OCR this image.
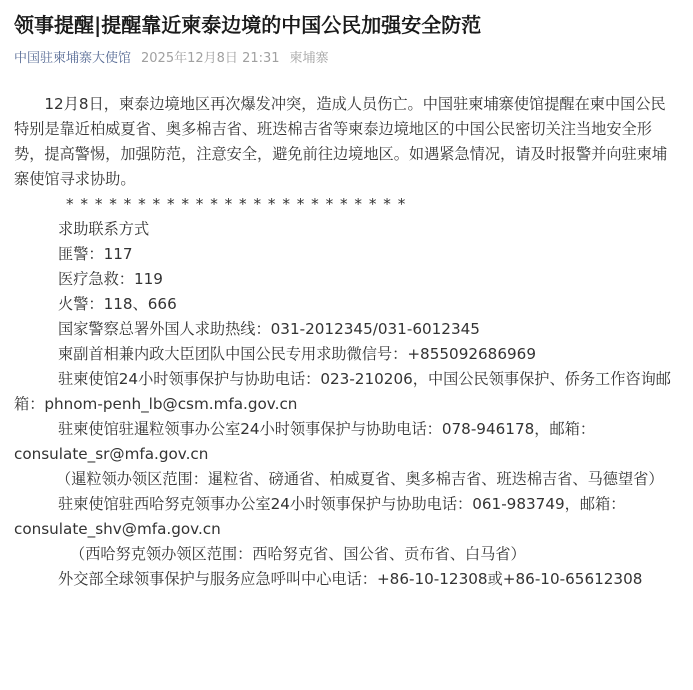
领事提醒|提醒靠近柬泰边境的中国公民加强安全防范
中国驻柬埔寨大使馆 2025年12月8日 21:31 柬埔寨

12月8日，柬泰边境地区再次爆发冲突，造成人员伤亡。中国驻柬埔寨使馆提醒在柬中国公民特别是靠近柏威夏省、奥多棉吉省、班迭棉吉省等柬泰边境地区的中国公民密切关注当地安全形势，提高警惕，加强防范，注意安全，避免前往边境地区。如遇紧急情况，请及时报警并向驻柬埔寨使馆寻求协助。

* * * * * * * * * * * * * * * * * * * * * * * *

求助联系方式

匪警：117

医疗急救：119

火警：118、666

国家警察总署外国人求助热线：031-2012345/031-6012345

柬副首相兼内政大臣团队中国公民专用求助微信号：+855092686969

驻柬使馆24小时领事保护与协助电话：023-210206，中国公民领事保护、侨务工作咨询邮箱：phnom-penh_lb@csm.mfa.gov.cn

驻柬使馆驻暹粒领事办公室24小时领事保护与协助电话：078-946178，邮箱：consulate_sr@mfa.gov.cn

（暹粒领办领区范围：暹粒省、磅通省、柏威夏省、奥多棉吉省、班迭棉吉省、马德望省）

驻柬使馆驻西哈努克领事办公室24小时领事保护与协助电话：061-983749，邮箱：consulate_shv@mfa.gov.cn

（西哈努克领办领区范围：西哈努克省、国公省、贡布省、白马省）

外交部全球领事保护与服务应急呼叫中心电话：+86-10-12308或+86-10-65612308
